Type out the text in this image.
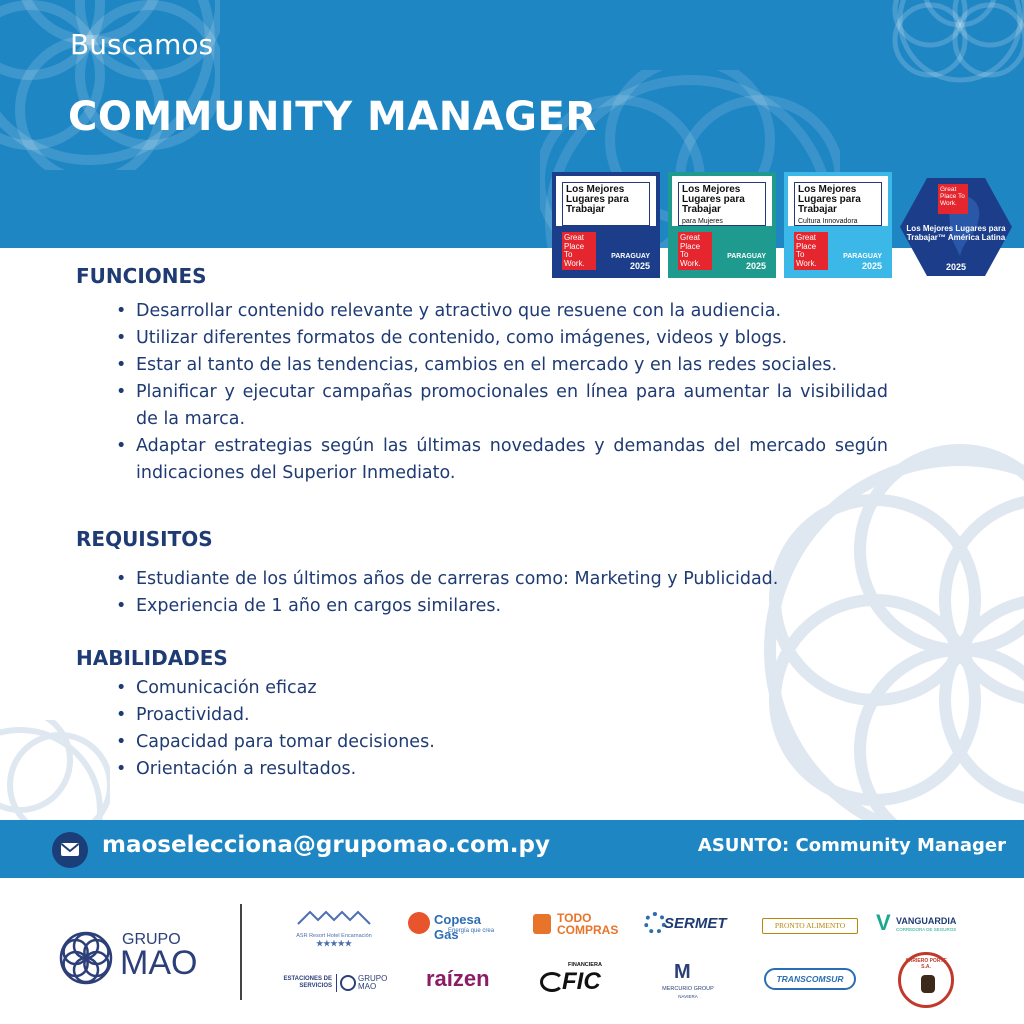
Buscamos
COMMUNITY MANAGER
Los Mejores Lugares para Trabajar
Great Place To Work.
PARAGUAY
2025
Los Mejores Lugares para Trabajar
para Mujeres
Great Place To Work.
PARAGUAY
2025
Los Mejores Lugares para Trabajar
Cultura Innovadora
Great Place To Work.
PARAGUAY
2025
Great Place To Work.
Los Mejores Lugares para Trabajar™ América Latina
2025
FUNCIONES
• Desarrollar contenido relevante y atractivo que resuene con la audiencia.
• Utilizar diferentes formatos de contenido, como imágenes, videos y blogs.
• Estar al tanto de las tendencias, cambios en el mercado y en las redes sociales.
• Planificar y ejecutar campañas promocionales en línea para aumentar la visibilidad de la marca.
• Adaptar estrategias según las últimas novedades y demandas del mercado según indicaciones del Superior Inmediato.
REQUISITOS
• Estudiante de los últimos años de carreras como: Marketing y Publicidad.
• Experiencia de 1 año en cargos similares.
HABILIDADES
• Comunicación eficaz
• Proactividad.
• Capacidad para tomar decisiones.
• Orientación a resultados.
maoselecciona@grupomao.com.py	ASUNTO: Community Manager
GRUPO
MAO
ASR Resort Hotel Encarnación
★★★★★
Copesa Gas
Energía que crea
TODO COMPRAS	SERMET	PRONTO ALIMENTO	V VANGUARDIA
CORREDORA DE SEGUROS
ESTACIONES DE SERVICIOS
GRUPO MAO	raízen
FINANCIERA
FIC	M
MERCURIO GROUP
NAVIERA
TRANSCOMSUR
ARRIERO PORTE S.A.
